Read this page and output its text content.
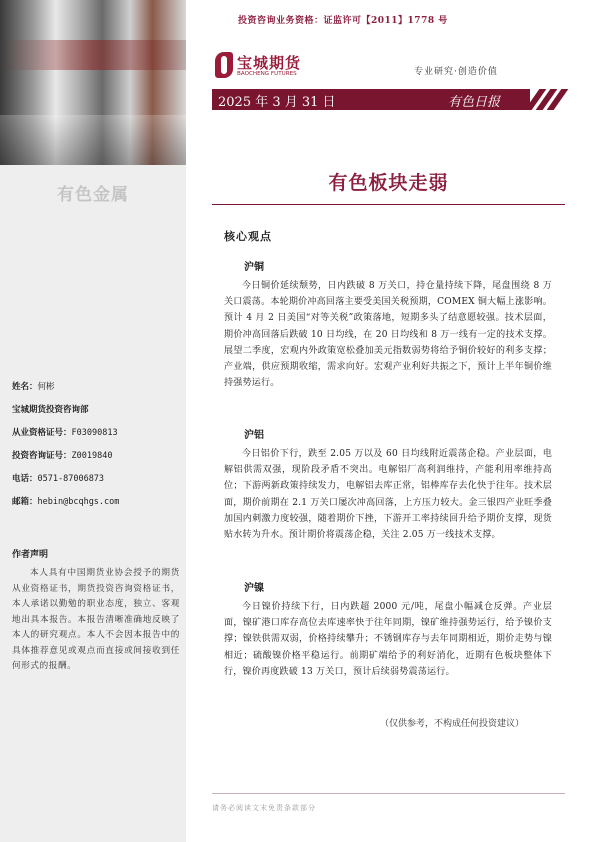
有色金属
姓名：何彬
宝城期货投资咨询部
从业资格证号：F03090813
投资咨询证号：Z0019840
电话：0571-87006873
邮箱：hebin@bcqhgs.com
作者声明
本人具有中国期货业协会授予的期货从业资格证书，期货投资咨询资格证书，本人承诺以勤勉的职业态度，独立、客观地出具本报告。本报告清晰准确地反映了本人的研究观点。本人不会因本报告中的具体推荐意见或观点而直接或间接收到任何形式的报酬。
投资咨询业务资格：证监许可【2011】1778 号
宝城期货
BAOCHENG FUTURES	专业研究·创造价值
2025 年 3 月 31 日	有色日报
有色板块走弱
核心观点
沪铜
今日铜价延续颓势，日内跌破 8 万关口，持仓量持续下降，尾盘围绕 8 万关口震荡。本轮期价冲高回落主要受美国关税预期，COMEX 铜大幅上涨影响。预计 4 月 2 日美国“对等关税”政策落地，短期多头了结意愿较强。技术层面，期价冲高回落后跌破 10 日均线，在 20 日均线和 8 万一线有一定的技术支撑。展望二季度，宏观内外政策宽松叠加美元指数弱势将给予铜价较好的利多支撑；产业端，供应预期收缩，需求向好。宏观产业利好共振之下，预计上半年铜价维持强势运行。
沪铝
今日铝价下行，跌至 2.05 万以及 60 日均线附近震荡企稳。产业层面，电解铝供需双强，现阶段矛盾不突出。电解铝厂高利润维持，产能利用率维持高位；下游两新政策持续发力，电解铝去库正常，铝棒库存去化快于往年。技术层面，期价前期在 2.1 万关口屡次冲高回落，上方压力较大。金三银四产业旺季叠加国内刺激力度较强，随着期价下挫，下游开工率持续回升给予期价支撑，现货贴水转为升水。预计期价将震荡企稳，关注 2.05 万一线技术支撑。
沪镍
今日镍价持续下行，日内跌超 2000 元/吨，尾盘小幅减仓反弹。产业层面，镍矿港口库存高位去库速率快于往年同期，镍矿维持强势运行，给予镍价支撑；镍铁供需双弱，价格持续攀升；不锈钢库存与去年同期相近，期价走势与镍相近；硫酸镍价格平稳运行。前期矿端给予的利好消化，近期有色板块整体下行，镍价再度跌破 13 万关口，预计后续弱势震荡运行。
（仅供参考，不构成任何投资建议）
请务必阅读文末免责条款部分
